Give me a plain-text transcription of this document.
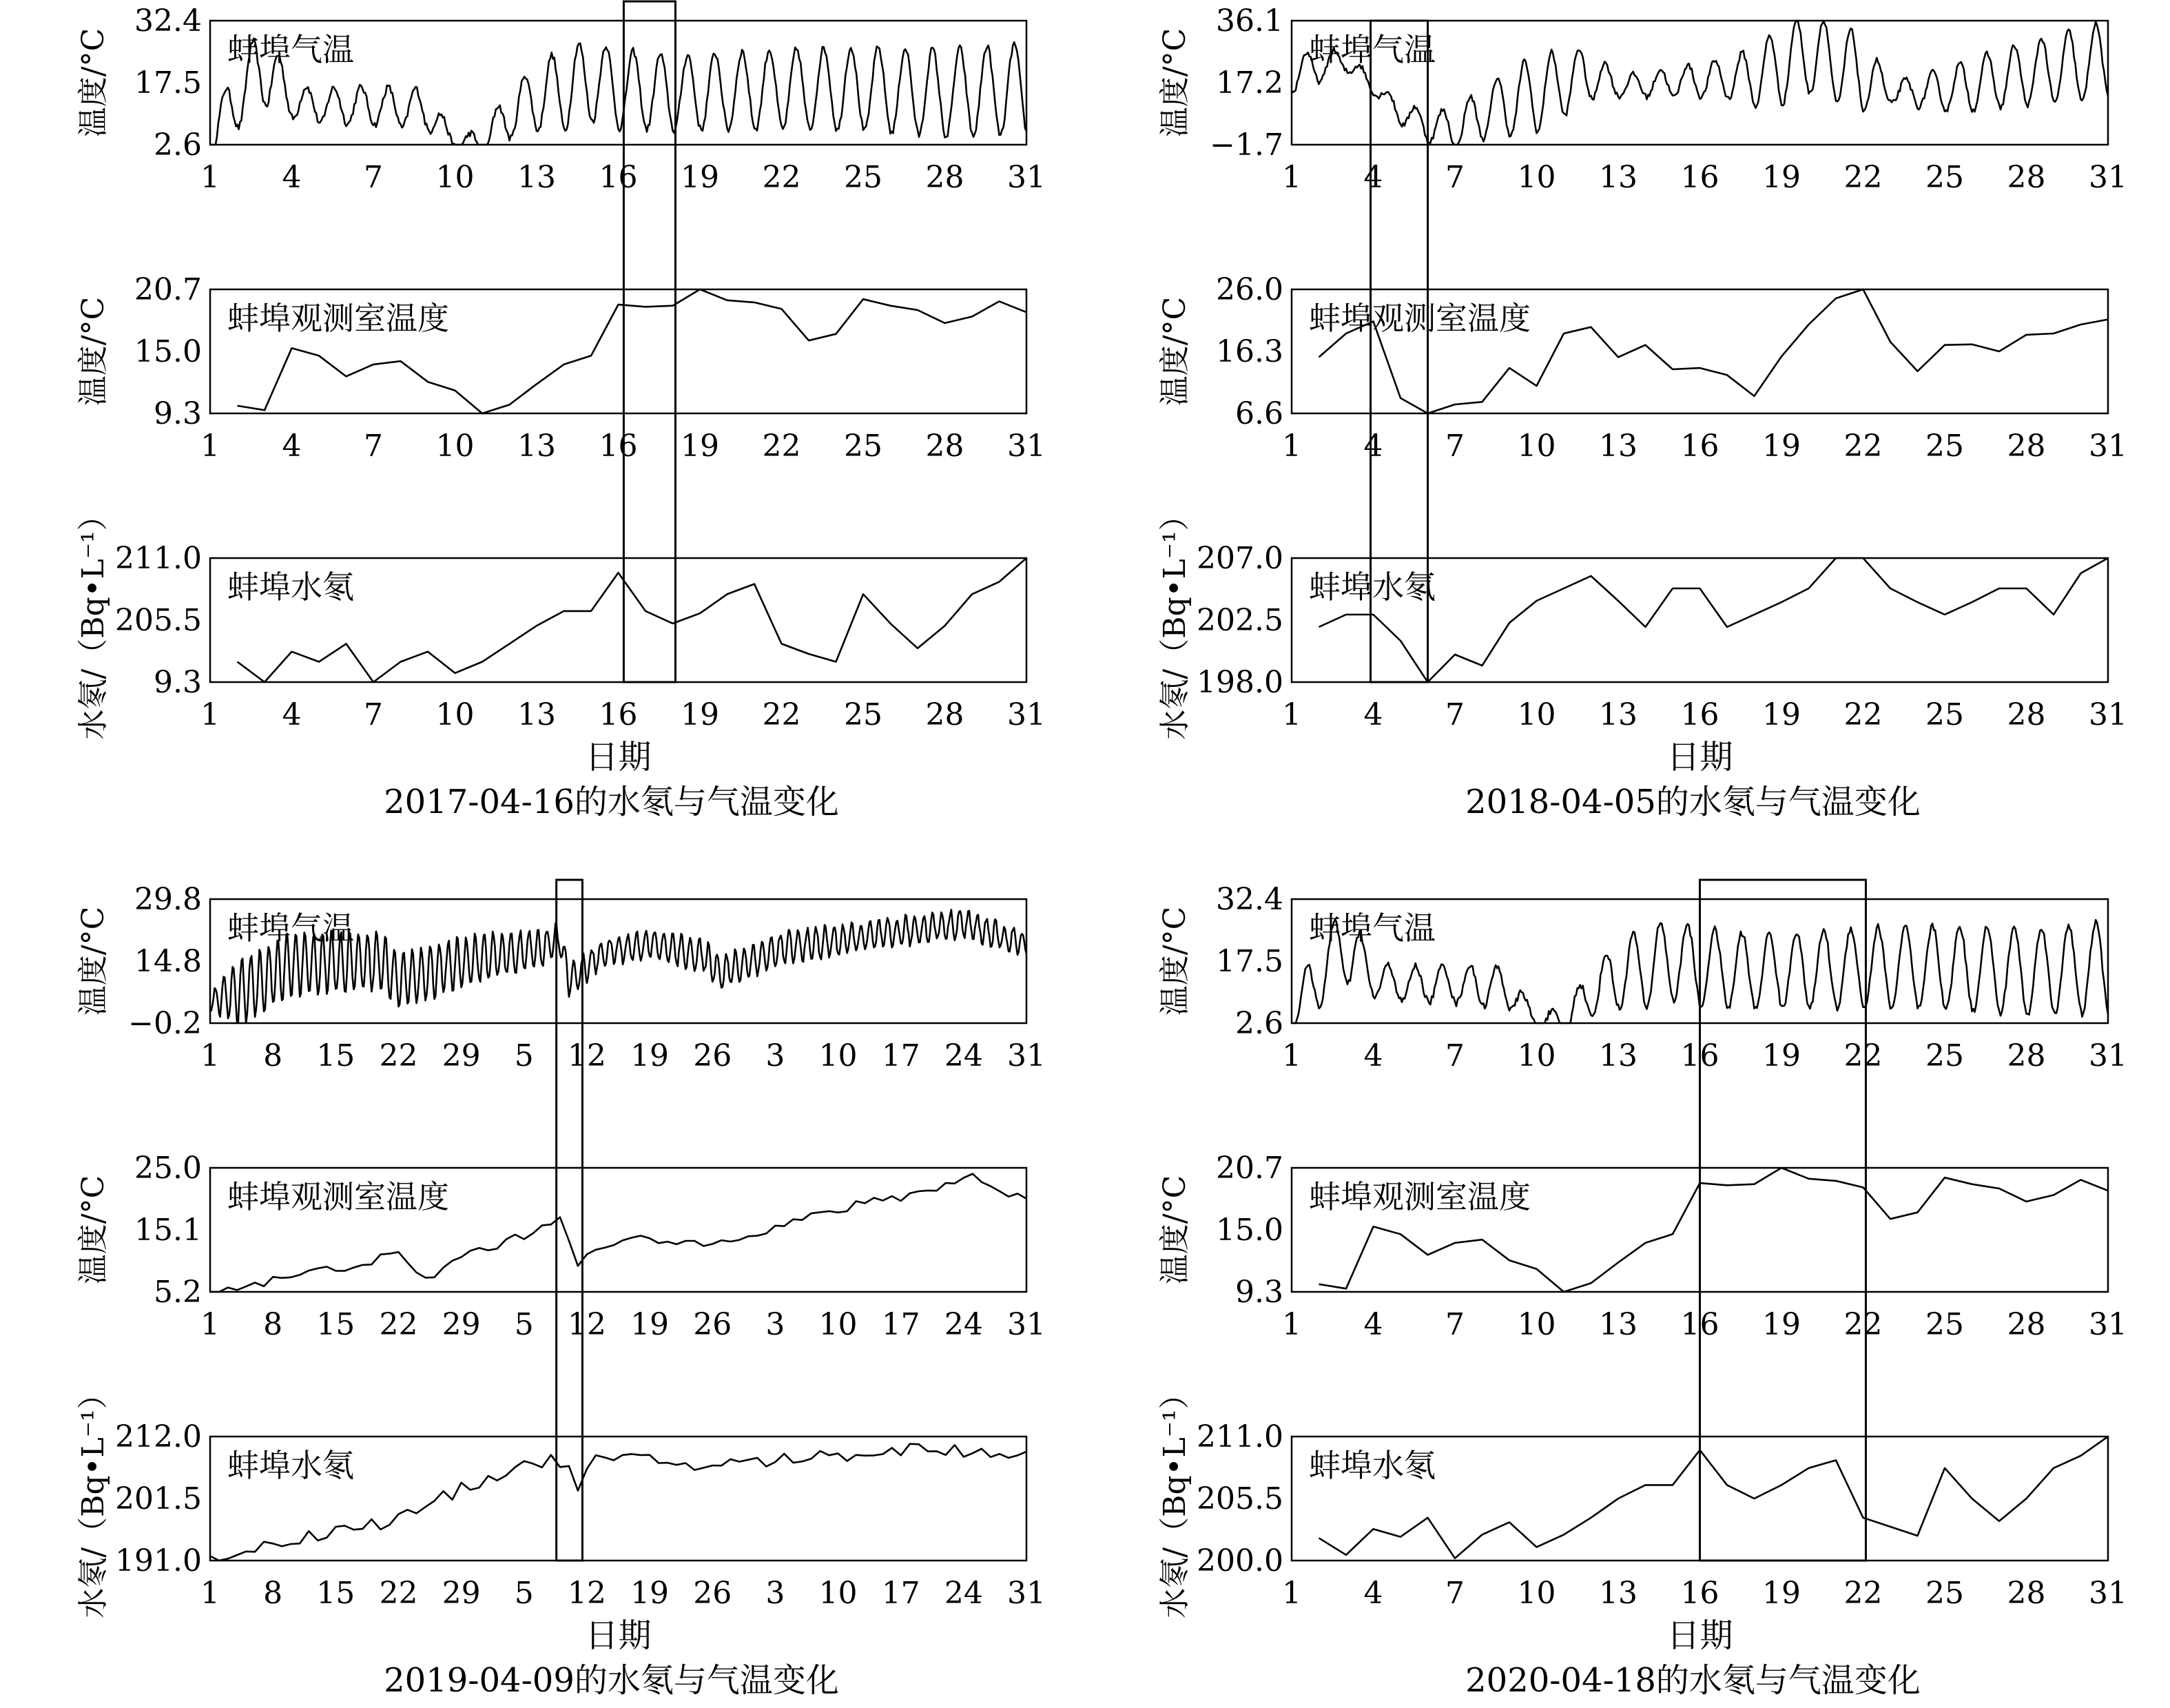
2017-04-16的水氡与气温变化
日期
32.4
17.5
2.6
温度/°C
1 4 7 10 13 16 19 22 25 28 31
蚌埠气温
20.7
15.0
9.3
温度/°C
1 4 7 10 13 16 19 22 25 28 31
蚌埠观测室温度
211.0
205.5
9.3
水氡/（Bq•L⁻¹）	1 4 7 10 13 16 19 22 25 28 31
蚌埠水氡
2018-04-05的水氡与气温变化
日期
36.1
17.2
−1.7
温度/°C
1 4 7 10 13 16 19 22 25 28 31
蚌埠气温
26.0
16.3
6.6
温度/°C
1 4 7 10 13 16 19 22 25 28 31
蚌埠观测室温度
207.0
202.5
198.0
水氡/（Bq•L⁻¹）	1 4 7 10 13 16 19 22 25 28 31
蚌埠水氡
2019-04-09的水氡与气温变化
日期
29.8
14.8
−0.2
温度/°C
1 8 15 22 29 5 12 19 26 3 10 17 24 31
蚌埠气温
25.0
15.1
5.2
温度/°C
1 8 15 22 29 5 12 19 26 3 10 17 24 31
蚌埠观测室温度
212.0
201.5
191.0
水氡/（Bq•L⁻¹）	1 8 15 22 29 5 12 19 26 3 10 17 24 31
蚌埠水氡
2020-04-18的水氡与气温变化
日期
32.4
17.5
2.6
温度/°C
1 4 7 10 13 16 19 22 25 28 31
蚌埠气温
20.7
15.0
9.3
温度/°C
1 4 7 10 13 16 19 22 25 28 31
蚌埠观测室温度
211.0
205.5
200.0
水氡/（Bq•L⁻¹）	1 4 7 10 13 16 19 22 25 28 31
蚌埠水氡
